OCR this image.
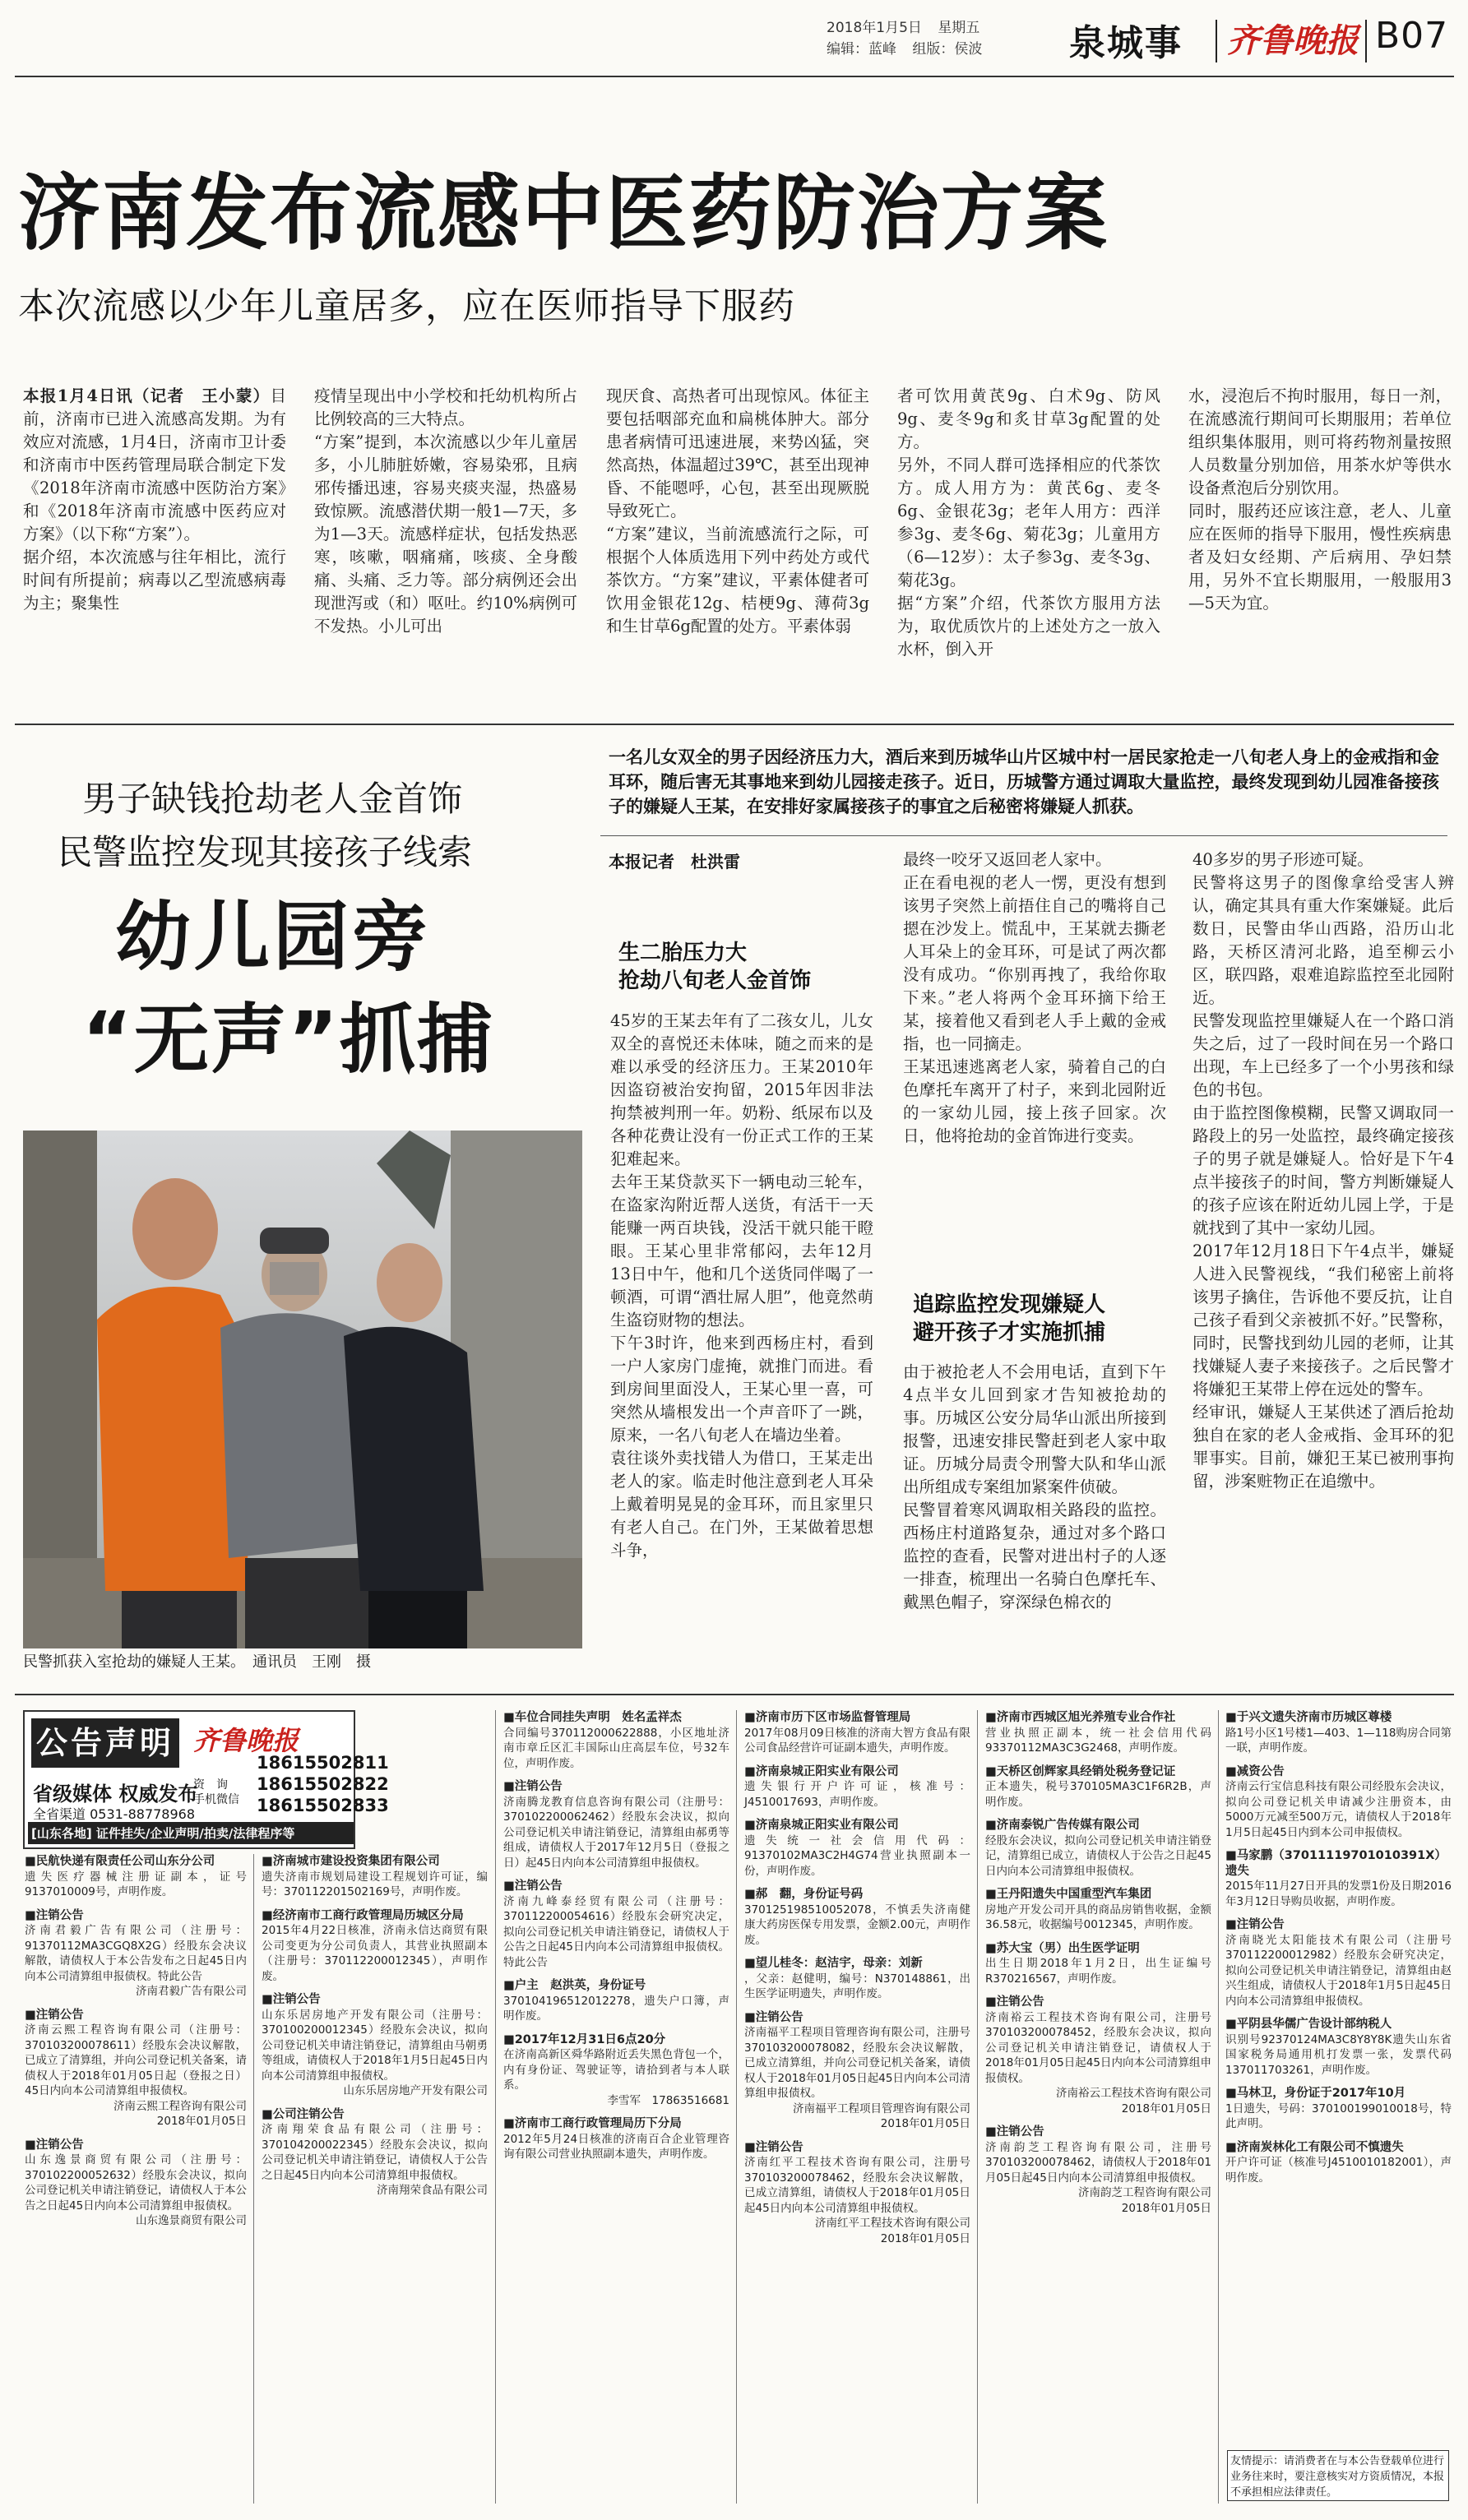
2018年1月5日 星期五
编辑：蓝峰 组版：侯波	泉城事 齐鲁晚报 B07
济南发布流感中医药防治方案
本次流感以少年儿童居多，应在医师指导下服药
本报1月4日讯（记者　王小蒙）目前，济南市已进入流感高发期。为有效应对流感，1月4日，济南市卫计委和济南市中医药管理局联合制定下发《2018年济南市流感中医防治方案》和《2018年济南市流感中医药应对方案》（以下称“方案”）。
据介绍，本次流感与往年相比，流行时间有所提前；病毒以乙型流感病毒为主；聚集性
疫情呈现出中小学校和托幼机构所占比例较高的三大特点。
“方案”提到，本次流感以少年儿童居多，小儿肺脏娇嫩，容易染邪，且病邪传播迅速，容易夹痰夹湿，热盛易致惊厥。流感潜伏期一般1—7天，多为1—3天。流感样症状，包括发热恶寒，咳嗽，咽痛痛，咳痰、全身酸痛、头痛、乏力等。部分病例还会出现泄泻或（和）呕吐。约10%病例可不发热。小儿可出
现厌食、高热者可出现惊风。体征主要包括咽部充血和扁桃体肿大。部分患者病情可迅速进展，来势凶猛，突然高热，体温超过39℃，甚至出现神昏、不能嗯呼，心包，甚至出现厥脱导致死亡。
“方案”建议，当前流感流行之际，可根据个人体质选用下列中药处方或代茶饮方。“方案”建议，平素体健者可饮用金银花12g、桔梗9g、薄荷3g和生甘草6g配置的处方。平素体弱
者可饮用黄芪9g、白术9g、防风9g、麦冬9g和炙甘草3g配置的处方。
另外，不同人群可选择相应的代茶饮方。成人用方为：黄芪6g、麦冬6g、金银花3g；老年人用方：西洋参3g、麦冬6g、菊花3g；儿童用方（6—12岁）：太子参3g、麦冬3g、菊花3g。
据“方案”介绍，代茶饮方服用方法为，取优质饮片的上述处方之一放入水杯，倒入开
水，浸泡后不拘时服用，每日一剂，在流感流行期间可长期服用；若单位组织集体服用，则可将药物剂量按照人员数量分别加倍，用茶水炉等供水设备煮泡后分别饮用。
同时，服药还应该注意，老人、儿童应在医师的指导下服用，慢性疾病患者及妇女经期、产后病用、孕妇禁用，另外不宜长期服用，一般服用3—5天为宜。
男子缺钱抢劫老人金首饰
民警监控发现其接孩子线索
幼儿园旁
“无声”抓捕
一名儿女双全的男子因经济压力大，酒后来到历城华山片区城中村一居民家抢走一八旬老人身上的金戒指和金耳环，随后害无其事地来到幼儿园接走孩子。近日，历城警方通过调取大量监控，最终发现到幼儿园准备接孩子的嫌疑人王某，在安排好家属接孩子的事宜之后秘密将嫌疑人抓获。
民警抓获入室抢劫的嫌疑人王某。　通讯员　王刚　摄
本报记者　杜洪雷
生二胎压力大
抢劫八旬老人金首饰
45岁的王某去年有了二孩女儿，儿女双全的喜悦还未体味，随之而来的是难以承受的经济压力。王某2010年因盗窃被治安拘留，2015年因非法拘禁被判刑一年。奶粉、纸尿布以及各种花费让没有一份正式工作的王某犯难起来。
去年王某贷款买下一辆电动三轮车，在盗家沟附近帮人送货，有活干一天能赚一两百块钱，没活干就只能干瞪眼。王某心里非常郁闷，去年12月13日中午，他和几个送货同伴喝了一顿酒，可谓“酒壮屌人胆”，他竟然萌生盗窃财物的想法。
下午3时许，他来到西杨庄村，看到一户人家房门虚掩，就推门而进。看到房间里面没人，王某心里一喜，可突然从墙根发出一个声音吓了一跳，原来，一名八旬老人在墙边坐着。
袁往谈外卖找错人为借口，王某走出老人的家。临走时他注意到老人耳朵上戴着明晃晃的金耳环，而且家里只有老人自己。在门外，王某做着思想斗争，
最终一咬牙又返回老人家中。
正在看电视的老人一愣，更没有想到该男子突然上前捂住自己的嘴将自己摁在沙发上。慌乱中，王某就去撕老人耳朵上的金耳环，可是试了两次都没有成功。“你别再拽了，我给你取下来。”老人将两个金耳环摘下给王某，接着他又看到老人手上戴的金戒指，也一同摘走。
王某迅速逃离老人家，骑着自己的白色摩托车离开了村子，来到北园附近的一家幼儿园，接上孩子回家。次日，他将抢劫的金首饰进行变卖。
追踪监控发现嫌疑人
避开孩子才实施抓捕
由于被抢老人不会用电话，直到下午4点半女儿回到家才告知被抢劫的事。历城区公安分局华山派出所接到报警，迅速安排民警赶到老人家中取证。历城分局责令刑警大队和华山派出所组成专案组加紧案件侦破。
民警冒着寒风调取相关路段的监控。西杨庄村道路复杂，通过对多个路口监控的查看，民警对进出村子的人逐一排查，梳理出一名骑白色摩托车、戴黑色帽子，穿深绿色棉衣的
40多岁的男子形迹可疑。
民警将这男子的图像拿给受害人辨认，确定其具有重大作案嫌疑。此后数日，民警由华山西路，沿历山北路，天桥区清河北路，追至柳云小区，联四路，艰难追踪监控至北园附近。
民警发现监控里嫌疑人在一个路口消失之后，过了一段时间在另一个路口出现，车上已经多了一个小男孩和绿色的书包。
由于监控图像模糊，民警又调取同一路段上的另一处监控，最终确定接孩子的男子就是嫌疑人。恰好是下午4点半接孩子的时间，警方判断嫌疑人的孩子应该在附近幼儿园上学，于是就找到了其中一家幼儿园。
2017年12月18日下午4点半，嫌疑人进入民警视线，“我们秘密上前将该男子擒住，告诉他不要反抗，让自己孩子看到父亲被抓不好。”民警称，同时，民警找到幼儿园的老师，让其找嫌疑人妻子来接孩子。之后民警才将嫌犯王某带上停在远处的警车。
经审讯，嫌疑人王某供述了酒后抢劫独自在家的老人金戒指、金耳环的犯罪事实。目前，嫌犯王某已被刑事拘留，涉案赃物正在追缴中。
公告声明 齐鲁晚报
省级媒体 权威发布
全省渠道 0531-88778968
资　询
手机微信
18615502811
18615502822
18615502833
[山东各地] 证件挂失/企业声明/拍卖/法律程序等
■民航快递有限责任公司山东分公司
遗失医疗器械注册证副本，证号9137010009号，声明作废。
■注销公告
济南君毅广告有限公司（注册号：91370112MA3CGQ8X2G）经股东会决议解散，请债权人于本公告发布之日起45日内向本公司清算组申报债权。特此公告
济南君毅广告有限公司
■注销公告
济南云熙工程咨询有限公司（注册号：370103200078611）经股东会决议解散，已成立了清算组，并向公司登记机关备案，请债权人于2018年01月05日起（登报之日）45日内向本公司清算组申报债权。
济南云熙工程咨询有限公司
2018年01月05日
■注销公告
山东逸景商贸有限公司（注册号：370102200052632）经股东会决议，拟向公司登记机关申请注销登记，请债权人于本公告之日起45日内向本公司清算组申报债权。
山东逸景商贸有限公司
■济南城市建设投资集团有限公司
遗失济南市规划局建设工程规划许可证，编号：370112201502169号，声明作废。
■经济南市工商行政管理局历城区分局
2015年4月22日核准，济南永信达商贸有限公司变更为分公司负责人，其营业执照副本（注册号：370112200012345），声明作废。
■注销公告
山东乐居房地产开发有限公司（注册号：370100200012345）经股东会决议，拟向公司登记机关申请注销登记，清算组由马朝勇等组成，请债权人于2018年1月5日起45日内向本公司清算组申报债权。
山东乐居房地产开发有限公司
■公司注销公告
济南翔荣食品有限公司（注册号：370104200022345）经股东会决议，拟向公司登记机关申请注销登记，请债权人于公告之日起45日内向本公司清算组申报债权。
济南翔荣食品有限公司
■车位合同挂失声明　姓名孟祥杰
合同编号370112000622888，小区地址济南市章丘区汇丰国际山庄高层车位，号32车位，声明作废。
■注销公告
济南腾龙教育信息咨询有限公司（注册号：370102200062462）经股东会决议，拟向公司登记机关申请注销登记，清算组由郝勇等组成，请债权人于2017年12月5日（登报之日）起45日内向本公司清算组申报债权。
■注销公告
济南九峰泰经贸有限公司（注册号：370112200054616）经股东会研究决定，拟向公司登记机关申请注销登记，请债权人于公告之日起45日内向本公司清算组申报债权。特此公告
■户主　赵洪英，身份证号
370104196512012278，遗失户口簿，声明作废。
■2017年12月31日6点20分
在济南高新区舜华路附近丢失黑色背包一个，内有身份证、驾驶证等，请拾到者与本人联系。
李雪军　17863516681
■济南市工商行政管理局历下分局
2012年5月24日核准的济南百合企业管理咨询有限公司营业执照副本遗失，声明作废。
■济南市历下区市场监督管理局
2017年08月09日核准的济南大智方食品有限公司食品经营许可证副本遗失，声明作废。
■济南泉城正阳实业有限公司
遗失银行开户许可证，核准号：J4510017693，声明作废。
■济南泉城正阳实业有限公司
遗失统一社会信用代码：91370102MA3C2H4G74营业执照副本一份，声明作废。
■郝　翻，身份证号码
370125198510052078，不慎丢失济南健康大药房医保专用发票，金额2.00元，声明作废。
■望儿桂冬：赵洁宇，母亲：刘新
，父亲：赵健明，编号：N370148861，出生医学证明遗失，声明作废。
■注销公告
济南福平工程项目管理咨询有限公司，注册号370103200078082，经股东会决议解散，已成立清算组，并向公司登记机关备案，请债权人于2018年01月05日起45日内向本公司清算组申报债权。
济南福平工程项目管理咨询有限公司
2018年01月05日
■注销公告
济南红平工程技术咨询有限公司，注册号370103200078462，经股东会决议解散，已成立清算组，请债权人于2018年01月05日起45日内向本公司清算组申报债权。
济南红平工程技术咨询有限公司
2018年01月05日
■济南市西城区旭光养殖专业合作社
营业执照正副本，统一社会信用代码93370112MA3C3G2468，声明作废。
■天桥区创辉家具经销处税务登记证
正本遗失，税号370105MA3C1F6R2B，声明作废。
■济南泰锐广告传媒有限公司
经股东会决议，拟向公司登记机关申请注销登记，清算组已成立，请债权人于公告之日起45日内向本公司清算组申报债权。
■王丹阳遗失中国重型汽车集团
房地产开发公司开具的商品房销售收据，金额36.58元，收据编号0012345，声明作废。
■苏大宝（男）出生医学证明
出生日期2018年1月2日，出生证编号R370216567，声明作废。
■注销公告
济南裕云工程技术咨询有限公司，注册号370103200078452，经股东会决议，拟向公司登记机关申请注销登记，请债权人于2018年01月05日起45日内向本公司清算组申报债权。
济南裕云工程技术咨询有限公司
2018年01月05日
■注销公告
济南韵芝工程咨询有限公司，注册号370103200078462，请债权人于2018年01月05日起45日内向本公司清算组申报债权。
济南韵芝工程咨询有限公司
2018年01月05日
■于兴文遗失济南市历城区尊楼
路1号小区1号楼1—403、1—118购房合同第一联，声明作废。
■减资公告
济南云行宝信息科技有限公司经股东会决议，拟向公司登记机关申请减少注册资本，由5000万元减至500万元，请债权人于2018年1月5日起45日内到本公司申报债权。
■马家鹏（37011119701010391X）遗失
2015年11月27日开具的发票1份及日期2016年3月12日导购员收据，声明作废。
■注销公告
济南晓光太阳能技术有限公司（注册号370112200012982）经股东会研究决定，拟向公司登记机关申请注销登记，清算组由赵兴生组成，请债权人于2018年1月5日起45日内向本公司清算组申报债权。
■平阴县华儒广告设计部纳税人
识别号92370124MA3C8Y8Y8K遗失山东省国家税务局通用机打发票一张，发票代码137011703261，声明作废。
■马林卫，身份证于2017年10月
1日遗失，号码：370100199010018号，特此声明。
■济南炭林化工有限公司不慎遗失
开户许可证（核准号J4510010182001），声明作废。
友情提示：请消费者在与本公告登载单位进行业务往来时，要注意核实对方资质情况，本报不承担相应法律责任。
